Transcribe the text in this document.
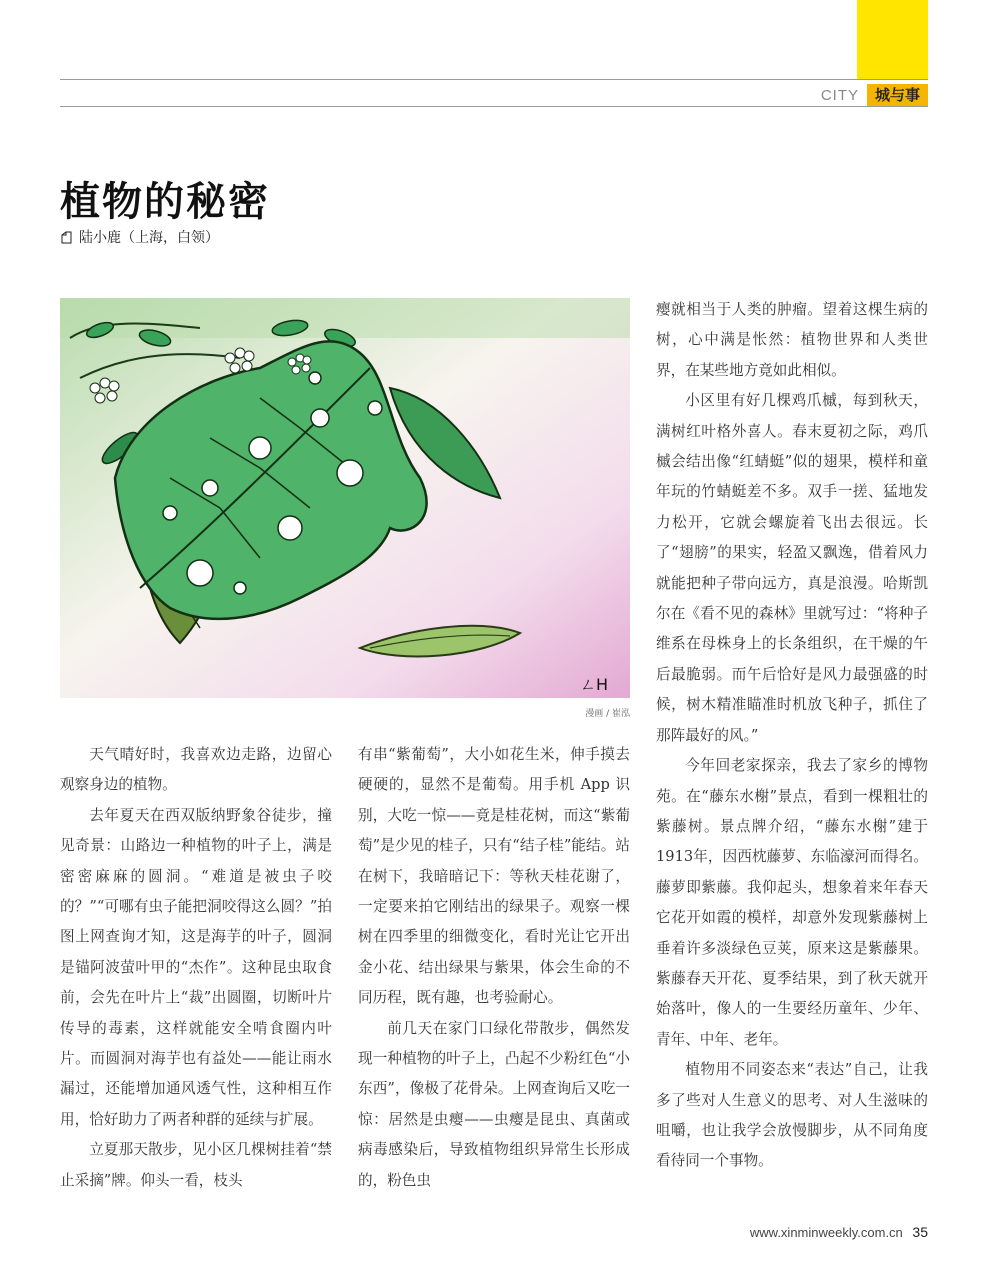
CITY	城与事
植物的秘密
陆小鹿（上海，白领）
ㄥH
漫画 / 崔泓

天气晴好时，我喜欢边走路，边留心观察身边的植物。

去年夏天在西双版纳野象谷徒步，撞见奇景：山路边一种植物的叶子上，满是密密麻麻的圆洞。“难道是被虫子咬的？”“可哪有虫子能把洞咬得这么圆？”拍图上网查询才知，这是海芋的叶子，圆洞是锚阿波萤叶甲的“杰作”。这种昆虫取食前，会先在叶片上“裁”出圆圈，切断叶片传导的毒素，这样就能安全啃食圈内叶片。而圆洞对海芋也有益处——能让雨水漏过，还能增加通风透气性，这种相互作用，恰好助力了两者种群的延续与扩展。

立夏那天散步，见小区几棵树挂着“禁止采摘”牌。仰头一看，枝头

有串“紫葡萄”，大小如花生米，伸手摸去硬硬的，显然不是葡萄。用手机 App 识别，大吃一惊——竟是桂花树，而这“紫葡萄”是少见的桂子，只有“结子桂”能结。站在树下，我暗暗记下：等秋天桂花谢了，一定要来拍它刚结出的绿果子。观察一棵树在四季里的细微变化，看时光让它开出金小花、结出绿果与紫果，体会生命的不同历程，既有趣，也考验耐心。

前几天在家门口绿化带散步，偶然发现一种植物的叶子上，凸起不少粉红色“小东西”，像极了花骨朵。上网查询后又吃一惊：居然是虫瘿——虫瘿是昆虫、真菌或病毒感染后，导致植物组织异常生长形成的，粉色虫

瘿就相当于人类的肿瘤。望着这棵生病的树，心中满是怅然：植物世界和人类世界，在某些地方竟如此相似。

小区里有好几棵鸡爪槭，每到秋天，满树红叶格外喜人。春末夏初之际，鸡爪槭会结出像“红蜻蜓”似的翅果，模样和童年玩的竹蜻蜓差不多。双手一搓、猛地发力松开，它就会螺旋着飞出去很远。长了“翅膀”的果实，轻盈又飘逸，借着风力就能把种子带向远方，真是浪漫。哈斯凯尔在《看不见的森林》里就写过：“将种子维系在母株身上的长条组织，在干燥的午后最脆弱。而午后恰好是风力最强盛的时候，树木精准瞄准时机放飞种子，抓住了那阵最好的风。”

今年回老家探亲，我去了家乡的博物苑。在“藤东水榭”景点，看到一棵粗壮的紫藤树。景点牌介绍，“藤东水榭”建于1913年，因西枕藤萝、东临濠河而得名。藤萝即紫藤。我仰起头，想象着来年春天它花开如霞的模样，却意外发现紫藤树上垂着许多淡绿色豆荚，原来这是紫藤果。紫藤春天开花、夏季结果，到了秋天就开始落叶，像人的一生要经历童年、少年、青年、中年、老年。

植物用不同姿态来“表达”自己，让我多了些对人生意义的思考、对人生滋味的咀嚼，也让我学会放慢脚步，从不同角度看待同一个事物。

www.xinminweekly.com.cn 35
